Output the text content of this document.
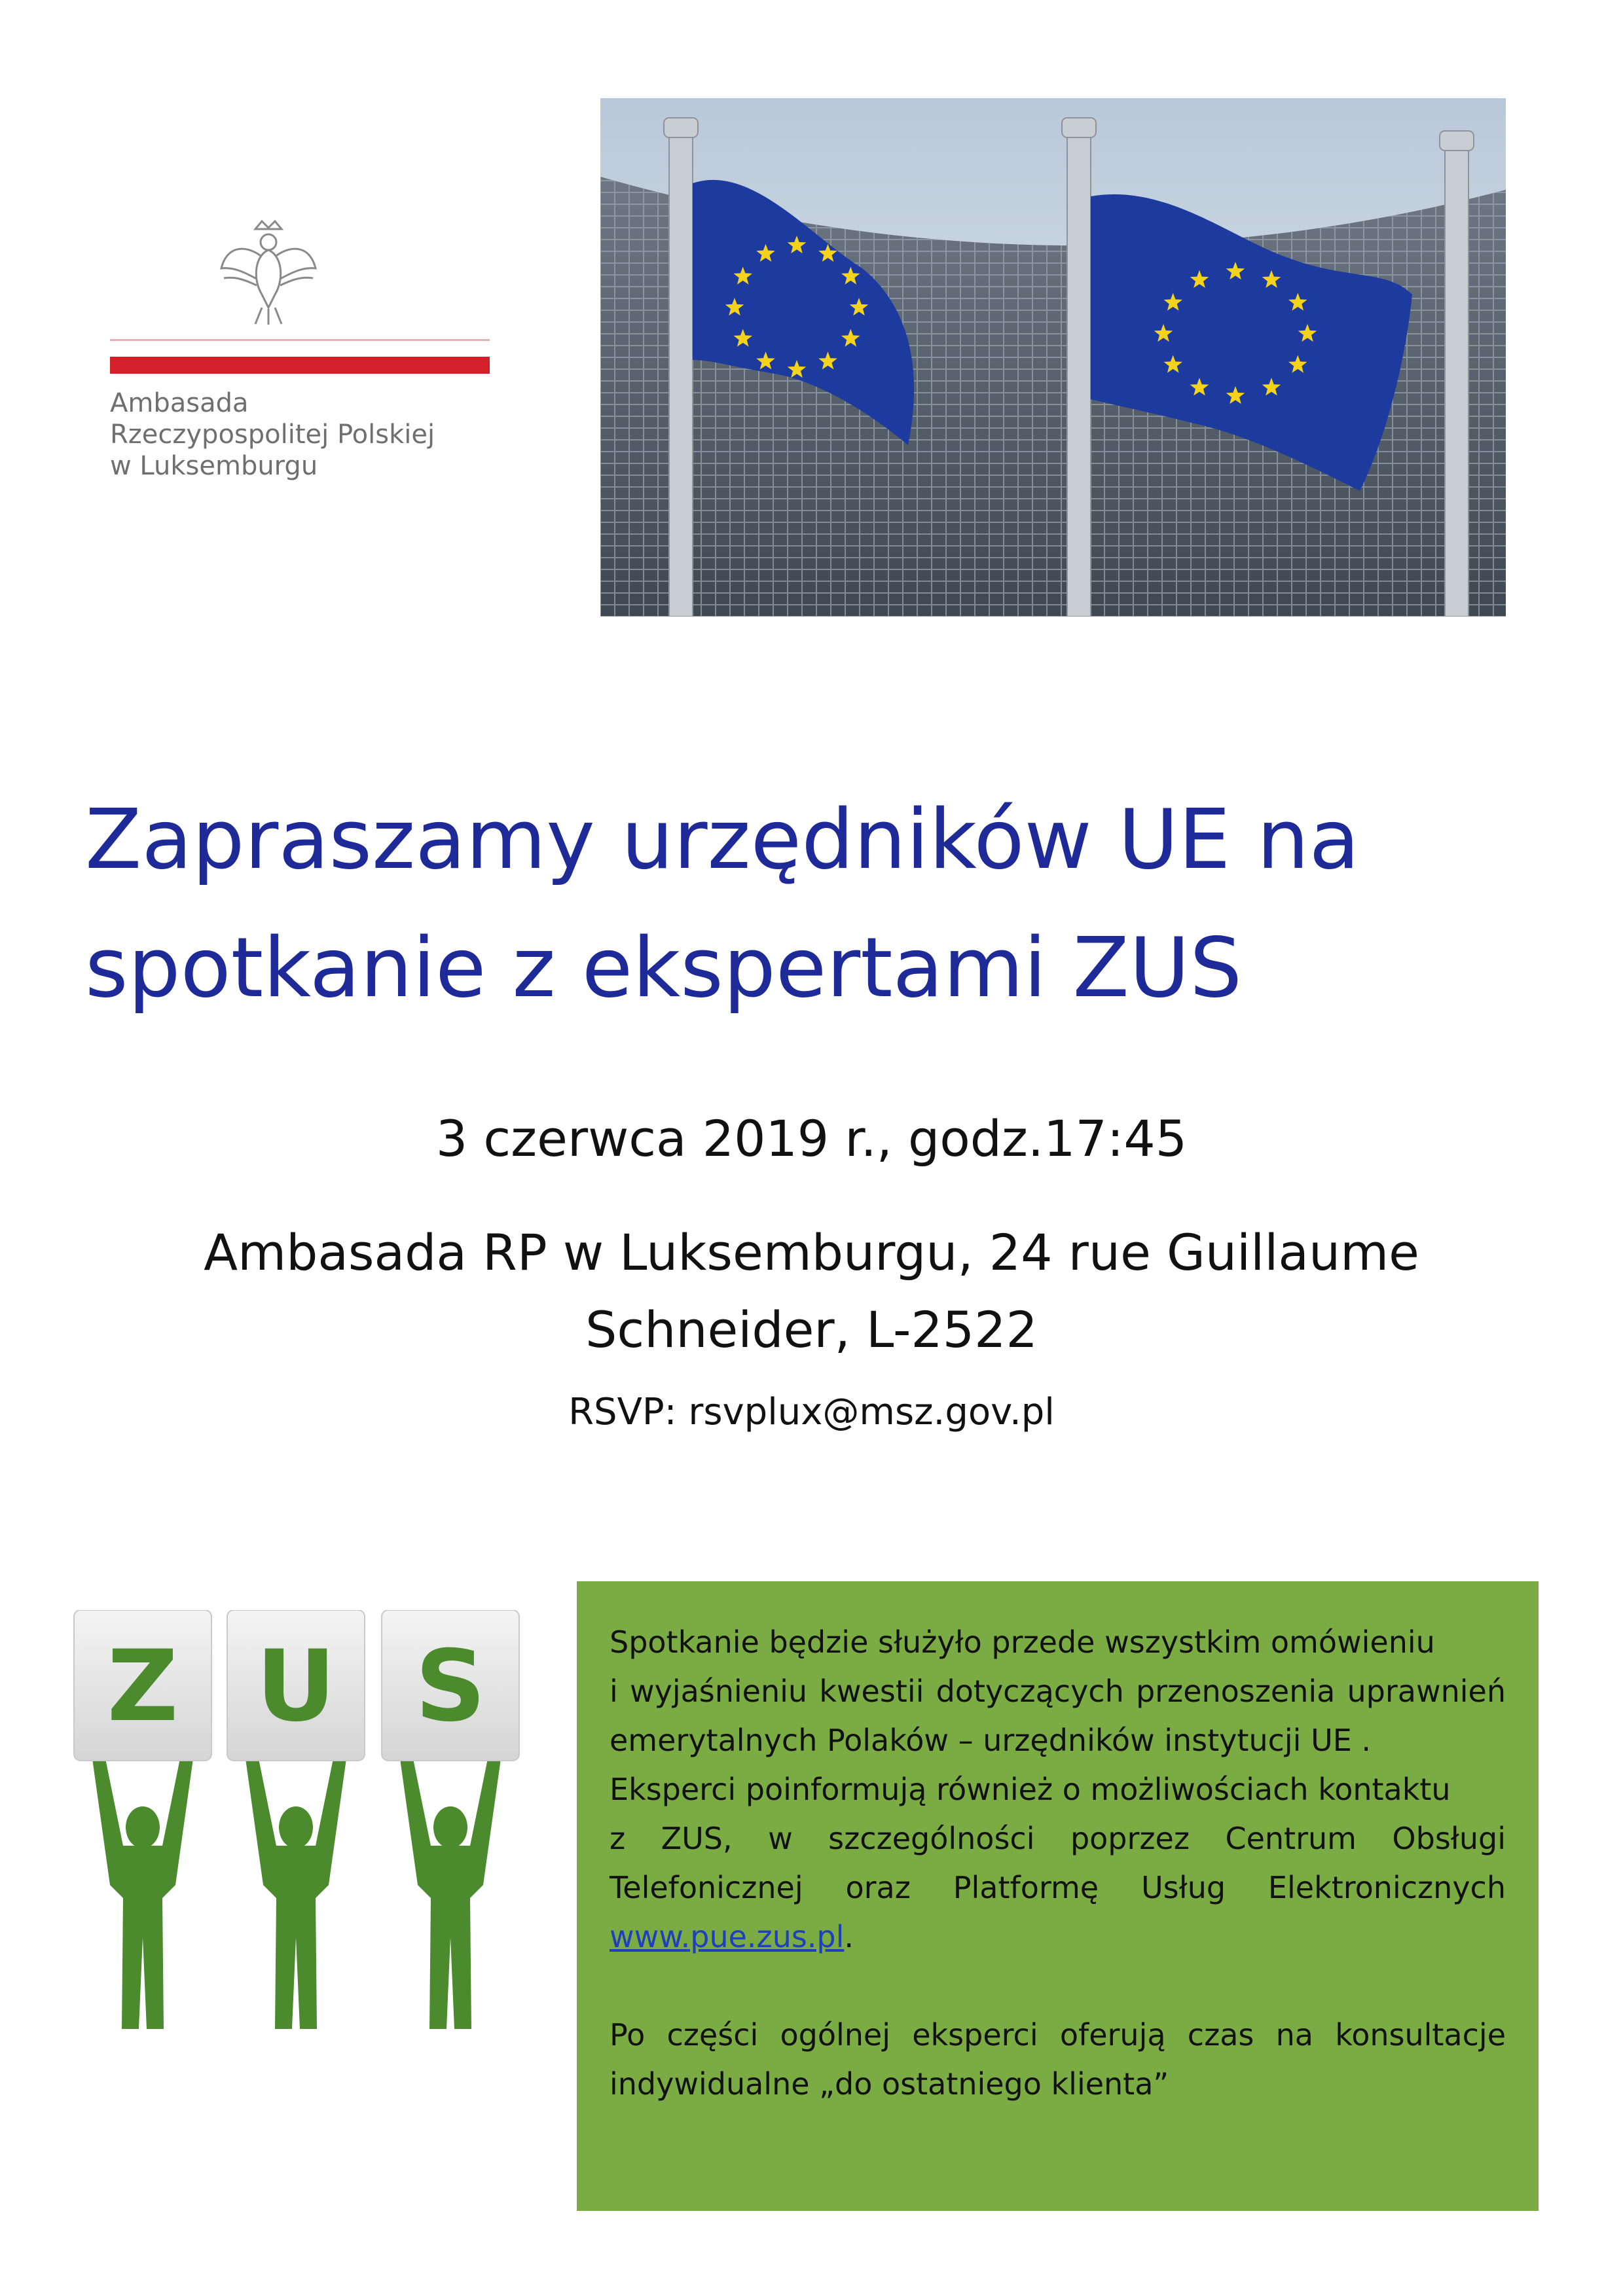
Ambasada
Rzeczypospolitej Polskiej
w Luksemburgu
Zapraszamy urzędników UE na
spotkanie z ekspertami ZUS
3 czerwca 2019 r., godz.17:45
Ambasada RP w Luksemburgu, 24 rue Guillaume
Schneider, L-2522
RSVP: rsvplux@msz.gov.pl
Z U S	Spotkanie będzie służyło przede wszystkim omówieniu
i wyjaśnieniu kwestii dotyczących przenoszenia uprawnień
emerytalnych Polaków – urzędników instytucji UE .
Eksperci poinformują również o możliwościach kontaktu
z ZUS, w szczególności poprzez Centrum Obsługi
Telefonicznej oraz Platformę Usług Elektronicznych
www.pue.zus.pl.
Po części ogólnej eksperci oferują czas na konsultacje
indywidualne „do ostatniego klienta”
